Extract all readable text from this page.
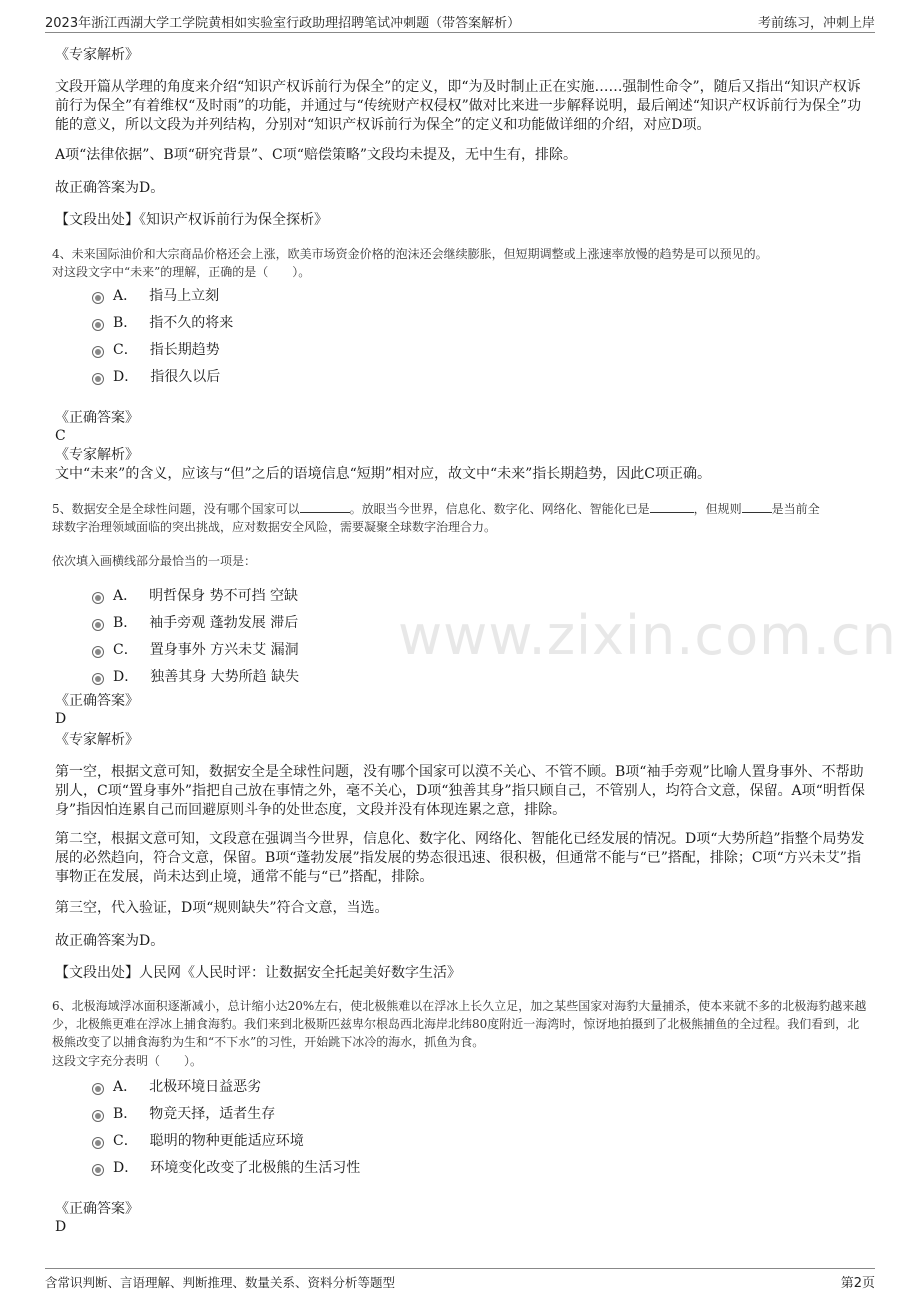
2023年浙江西湖大学工学院黄相如实验室行政助理招聘笔试冲刺题（带答案解析）	考前练习，冲刺上岸
www.zixin.com.cn
《专家解析》
文段开篇从学理的角度来介绍“知识产权诉前行为保全”的定义，即“为及时制止正在实施……强制性命令”，随后又指出“知识产权诉前行为保全”有着维权“及时雨”的功能，并通过与“传统财产权侵权”做对比来进一步解释说明，最后阐述“知识产权诉前行为保全”功能的意义，所以文段为并列结构，分别对“知识产权诉前行为保全”的定义和功能做详细的介绍，对应D项。
A项“法律依据”、B项“研究背景”、C项“赔偿策略”文段均未提及，无中生有，排除。
故正确答案为D。
【文段出处】《知识产权诉前行为保全探析》
4、未来国际油价和大宗商品价格还会上涨，欧美市场资金价格的泡沫还会继续膨胀，但短期调整或上涨速率放慢的趋势是可以预见的。
对这段文字中“未来”的理解，正确的是（　　）。
A． 指马上立刻
B． 指不久的将来
C． 指长期趋势
D． 指很久以后
《正确答案》
C
《专家解析》
文中“未来”的含义，应该与“但”之后的语境信息“短期”相对应，故文中“未来”指长期趋势，因此C项正确。
5、数据安全是全球性问题，没有哪个国家可以	。放眼当今世界，信息化、数字化、网络化、智能化已是	，但规则	是当前全
球数字治理领域面临的突出挑战，应对数据安全风险，需要凝聚全球数字治理合力。
依次填入画横线部分最恰当的一项是：
A． 明哲保身 势不可挡 空缺
B． 袖手旁观 蓬勃发展 滞后
C． 置身事外 方兴未艾 漏洞
D． 独善其身 大势所趋 缺失
《正确答案》
D
《专家解析》
第一空，根据文意可知，数据安全是全球性问题，没有哪个国家可以漠不关心、不管不顾。B项“袖手旁观”比喻人置身事外、不帮助别人，C项“置身事外”指把自己放在事情之外，毫不关心，D项“独善其身”指只顾自己，不管别人，均符合文意，保留。A项“明哲保身”指因怕连累自己而回避原则斗争的处世态度，文段并没有体现连累之意，排除。
第二空，根据文意可知，文段意在强调当今世界，信息化、数字化、网络化、智能化已经发展的情况。D项“大势所趋”指整个局势发展的必然趋向，符合文意，保留。B项“蓬勃发展”指发展的势态很迅速、很积极，但通常不能与“已”搭配，排除；C项“方兴未艾”指事物正在发展，尚未达到止境，通常不能与“已”搭配，排除。
第三空，代入验证，D项“规则缺失”符合文意，当选。
故正确答案为D。
【文段出处】人民网《人民时评：让数据安全托起美好数字生活》
6、北极海域浮冰面积逐渐减小，总计缩小达20%左右，使北极熊难以在浮冰上长久立足，加之某些国家对海豹大量捕杀，使本来就不多的北极海豹越来越少，北极熊更难在浮冰上捕食海豹。我们来到北极斯匹兹卑尔根岛西北海岸北纬80度附近一海湾时，惊讶地拍摄到了北极熊捕鱼的全过程。我们看到，北极熊改变了以捕食海豹为生和“不下水”的习性，开始跳下冰冷的海水，抓鱼为食。
这段文字充分表明（　　）。
A． 北极环境日益恶劣
B． 物竞天择，适者生存
C． 聪明的物种更能适应环境
D． 环境变化改变了北极熊的生活习性
《正确答案》
D
含常识判断、言语理解、判断推理、数量关系、资料分析等题型	第2页
